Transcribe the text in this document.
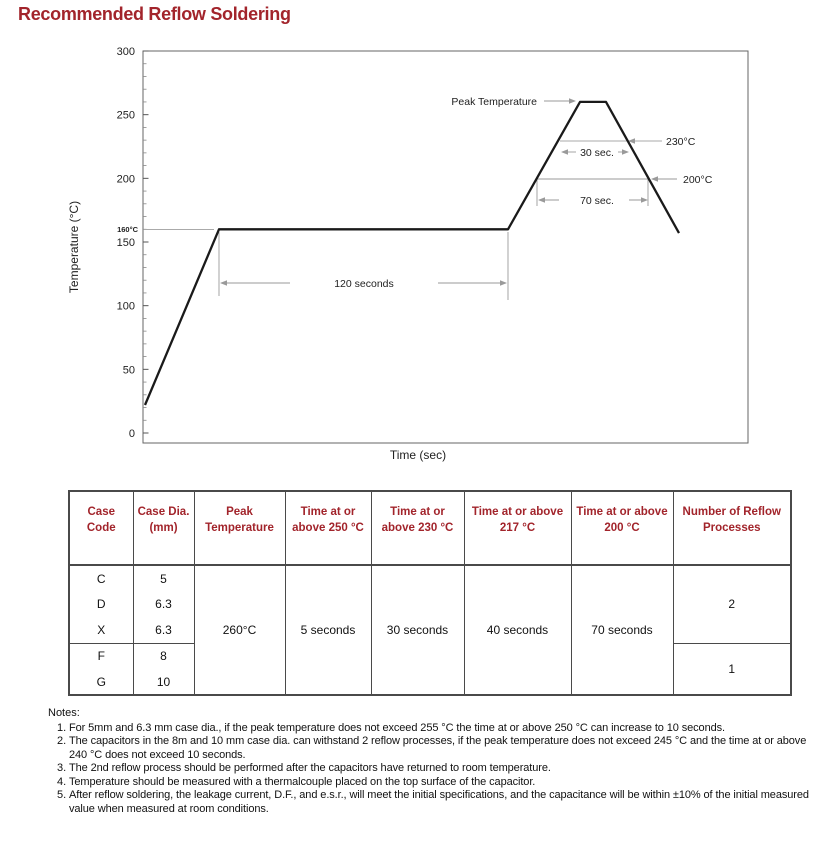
Recommended Reflow Soldering
0
50
100
150
200
250
300
Temperature (°C)
Time (sec)
160°C
120 seconds
Peak Temperature
230°C
30 sec.
200°C
70 sec.
Case Code	Case Dia. (mm)	Peak Temperature	Time at or above 250 °C	Time at or above 230 °C	Time at or above 217 °C	Time at or above 200 °C	Number of Reflow Processes
C	5	260°C	5 seconds	30 seconds	40 seconds	70 seconds	2
D	6.3						
X	6.3						
F	8						1
G	10						
Notes:
1. For 5mm and 6.3 mm case dia., if the peak temperature does not exceed 255 °C the time at or above 250 °C can increase to 10 seconds.
2. The capacitors in the 8m and 10 mm case dia. can withstand 2 reflow processes, if the peak temperature does not exceed 245 °C and the time at or above 240 °C does not exceed 10 seconds.
3. The 2nd reflow process should be performed after the capacitors have returned to room temperature.
4. Temperature should be measured with a thermalcouple placed on the top surface of the capacitor.
5. After reflow soldering, the leakage current, D.F., and e.s.r., will meet the initial specifications, and the capacitance will be within ±10% of the initial measured value when measured at room conditions.
